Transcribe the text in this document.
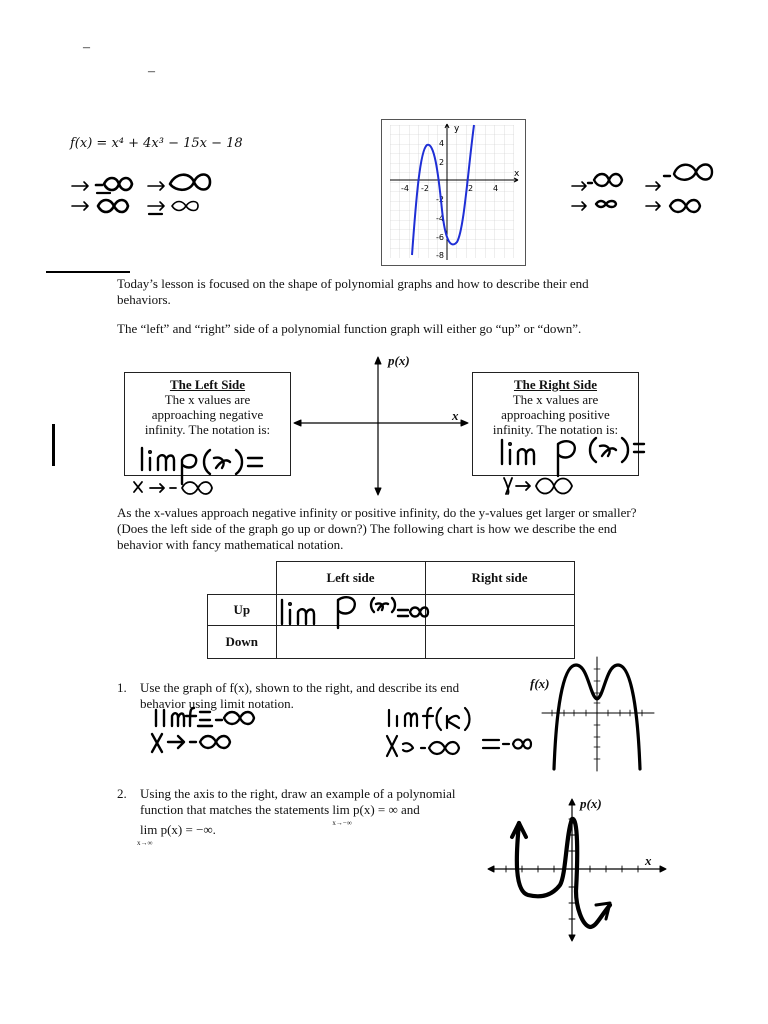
–
–
f(x) = x⁴ + 4x³ − 15x − 18
y
x
-4 -2	2 4
4
2
-2
-4
-6
-8
Today’s lesson is focused on the shape of polynomial graphs and how to describe their end behaviors.
The “left” and “right” side of a polynomial function graph will either go “up” or “down”.
p(x)
x
The Left Side
The x values are approaching negative infinity. The notation is:
The Right Side
The x values are approaching positive infinity. The notation is:
As the x-values approach negative infinity or positive infinity, do the y-values get larger or smaller? (Does the left side of the graph go up or down?) The following chart is how we describe the end behavior with fancy mathematical notation.
	Left side	Right side
Up		
Down		
1. Use the graph of f(x), shown to the right, and describe its end behavior using limit notation.
f(x)
2. Using the axis to the right, draw an example of a polynomial function that matches the statements lim p(x) = ∞
x→−∞
and
lim p(x) = −∞.
x→∞
p(x)
x
